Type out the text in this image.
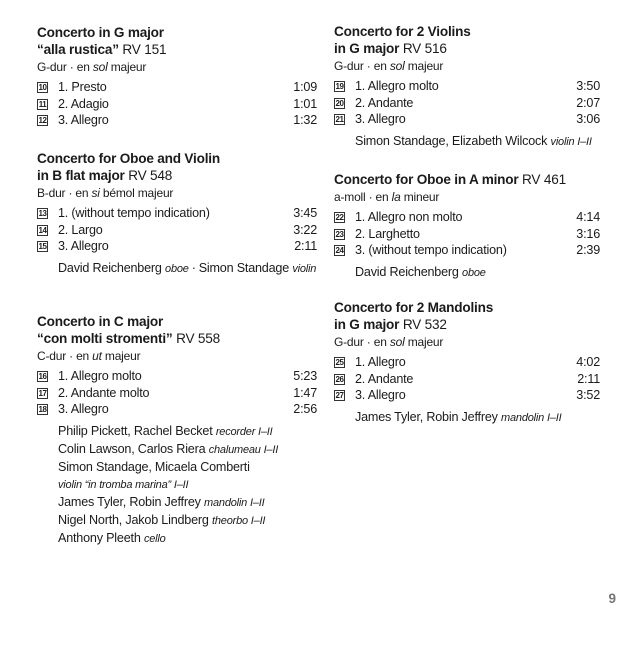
Concerto in G major
“alla rustica” RV 151
G-dur · en sol majeur
10 1. Presto	1:09
11 2. Adagio	1:01
12 3. Allegro	1:32
Concerto for Oboe and Violin
in B flat major RV 548
B-dur · en si bémol majeur
13 1. (without tempo indication)	3:45
14 2. Largo	3:22
15 3. Allegro	2:11
David Reichenberg oboe · Simon Standage violin
Concerto in C major
“con molti stromenti” RV 558
C-dur · en ut majeur
16 1. Allegro molto	5:23
17 2. Andante molto	1:47
18 3. Allegro	2:56
Philip Pickett, Rachel Becket recorder I–II
Colin Lawson, Carlos Riera chalumeau I–II
Simon Standage, Micaela Comberti
violin “in tromba marina” I–II
James Tyler, Robin Jeffrey mandolin I–II
Nigel North, Jakob Lindberg theorbo I–II
Anthony Pleeth cello
Concerto for 2 Violins
in G major RV 516
G-dur · en sol majeur
19 1. Allegro molto	3:50
20 2. Andante	2:07
21 3. Allegro	3:06
Simon Standage, Elizabeth Wilcock violin I–II
Concerto for Oboe in A minor RV 461
a-moll · en la mineur
22 1. Allegro non molto	4:14
23 2. Larghetto	3:16
24 3. (without tempo indication)	2:39
David Reichenberg oboe
Concerto for 2 Mandolins
in G major RV 532
G-dur · en sol majeur
25 1. Allegro	4:02
26 2. Andante	2:11
27 3. Allegro	3:52
James Tyler, Robin Jeffrey mandolin I–II
9
